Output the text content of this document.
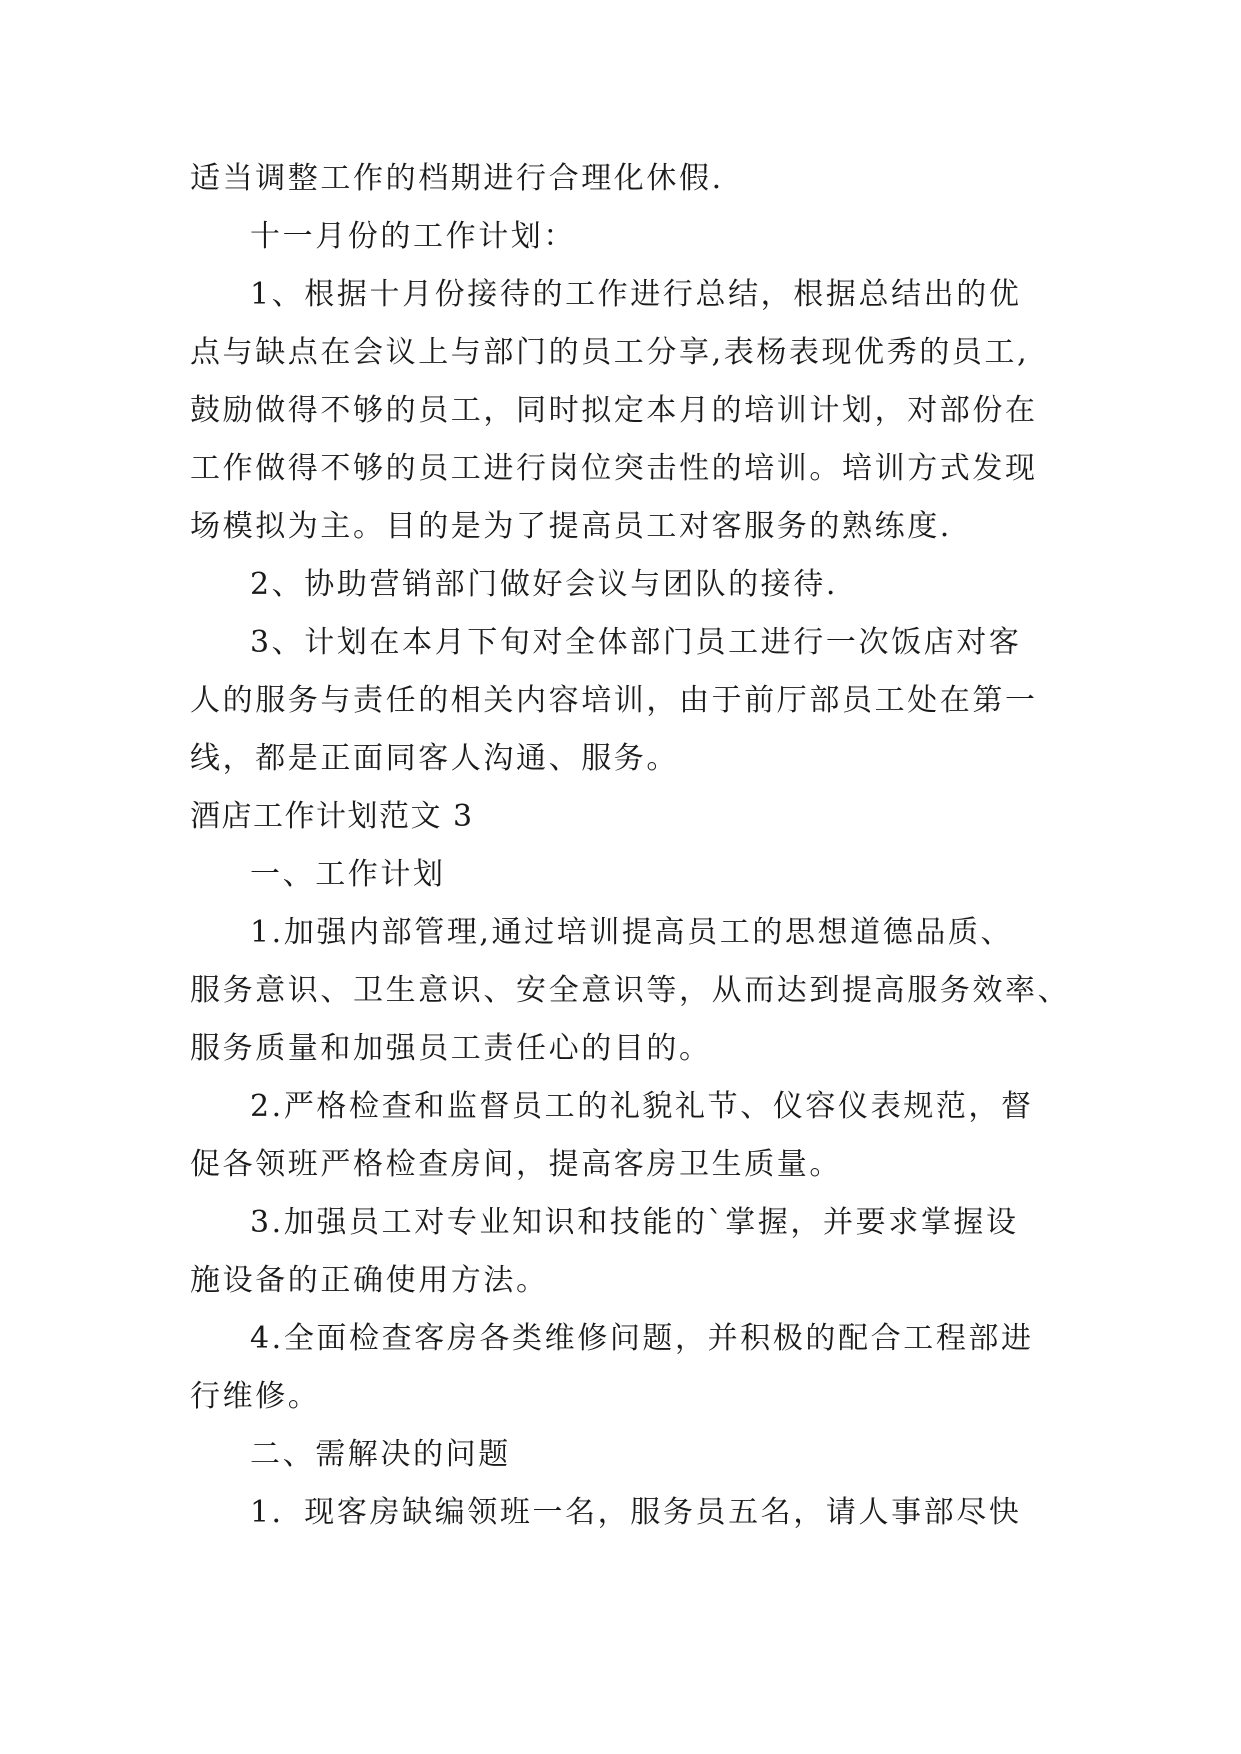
适当调整工作的档期进行合理化休假.
十一月份的工作计划：
1、根据十月份接待的工作进行总结，根据总结出的优
点与缺点在会议上与部门的员工分享,表杨表现优秀的员工,
鼓励做得不够的员工，同时拟定本月的培训计划，对部份在
工作做得不够的员工进行岗位突击性的培训。培训方式发现
场模拟为主。目的是为了提高员工对客服务的熟练度.
2、协助营销部门做好会议与团队的接待.
3、计划在本月下旬对全体部门员工进行一次饭店对客
人的服务与责任的相关内容培训，由于前厅部员工处在第一
线，都是正面同客人沟通、服务。
酒店工作计划范文 3
一、工作计划
1.加强内部管理,通过培训提高员工的思想道德品质、
服务意识、卫生意识、安全意识等，从而达到提高服务效率、
服务质量和加强员工责任心的目的。
2.严格检查和监督员工的礼貌礼节、仪容仪表规范，督
促各领班严格检查房间，提高客房卫生质量。
3.加强员工对专业知识和技能的`掌握，并要求掌握设
施设备的正确使用方法。
4.全面检查客房各类维修问题，并积极的配合工程部进
行维修。
二、需解决的问题
1．现客房缺编领班一名，服务员五名，请人事部尽快
